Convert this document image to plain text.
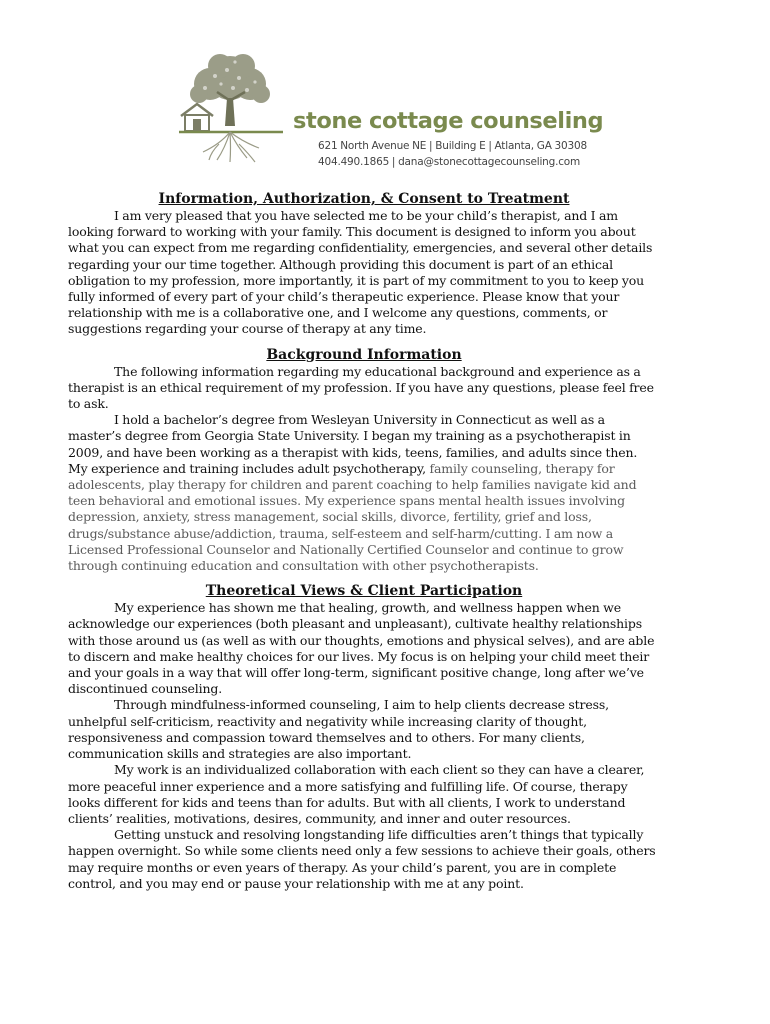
stone cottage counseling

621 North Avenue NE | Building E | Atlanta, GA 30308

404.490.1865 | dana@stonecottagecounseling.com

Information, Authorization, & Consent to Treatment

I am very pleased that you have selected me to be your child’s therapist, and I am looking forward to working with your family. This document is designed to inform you about what you can expect from me regarding confidentiality, emergencies, and several other details regarding your our time together. Although providing this document is part of an ethical obligation to my profession, more importantly, it is part of my commitment to you to keep you fully informed of every part of your child’s therapeutic experience. Please know that your relationship with me is a collaborative one, and I welcome any questions, comments, or suggestions regarding your course of therapy at any time.

Background Information

The following information regarding my educational background and experience as a therapist is an ethical requirement of my profession. If you have any questions, please feel free to ask.

I hold a bachelor’s degree from Wesleyan University in Connecticut as well as a master’s degree from Georgia State University. I began my training as a psychotherapist in 2009, and have been working as a therapist with kids, teens, families, and adults since then. My experience and training includes adult psychotherapy, family counseling, therapy for adolescents, play therapy for children and parent coaching to help families navigate kid and teen behavioral and emotional issues. My experience spans mental health issues involving depression, anxiety, stress management, social skills, divorce, fertility, grief and loss, drugs/substance abuse/addiction, trauma, self-esteem and self-harm/cutting. I am now a Licensed Professional Counselor and Nationally Certified Counselor and continue to grow through continuing education and consultation with other psychotherapists.

Theoretical Views & Client Participation

My experience has shown me that healing, growth, and wellness happen when we acknowledge our experiences (both pleasant and unpleasant), cultivate healthy relationships with those around us (as well as with our thoughts, emotions and physical selves), and are able to discern and make healthy choices for our lives. My focus is on helping your child meet their and your goals in a way that will offer long-term, significant positive change, long after we’ve discontinued counseling.

Through mindfulness-informed counseling, I aim to help clients decrease stress, unhelpful self-criticism, reactivity and negativity while increasing clarity of thought, responsiveness and compassion toward themselves and to others. For many clients, communication skills and strategies are also important.

My work is an individualized collaboration with each client so they can have a clearer, more peaceful inner experience and a more satisfying and fulfilling life. Of course, therapy looks different for kids and teens than for adults. But with all clients, I work to understand clients’ realities, motivations, desires, community, and inner and outer resources.

Getting unstuck and resolving longstanding life difficulties aren’t things that typically happen overnight. So while some clients need only a few sessions to achieve their goals, others may require months or even years of therapy. As your child’s parent, you are in complete control, and you may end or pause your relationship with me at any point.
